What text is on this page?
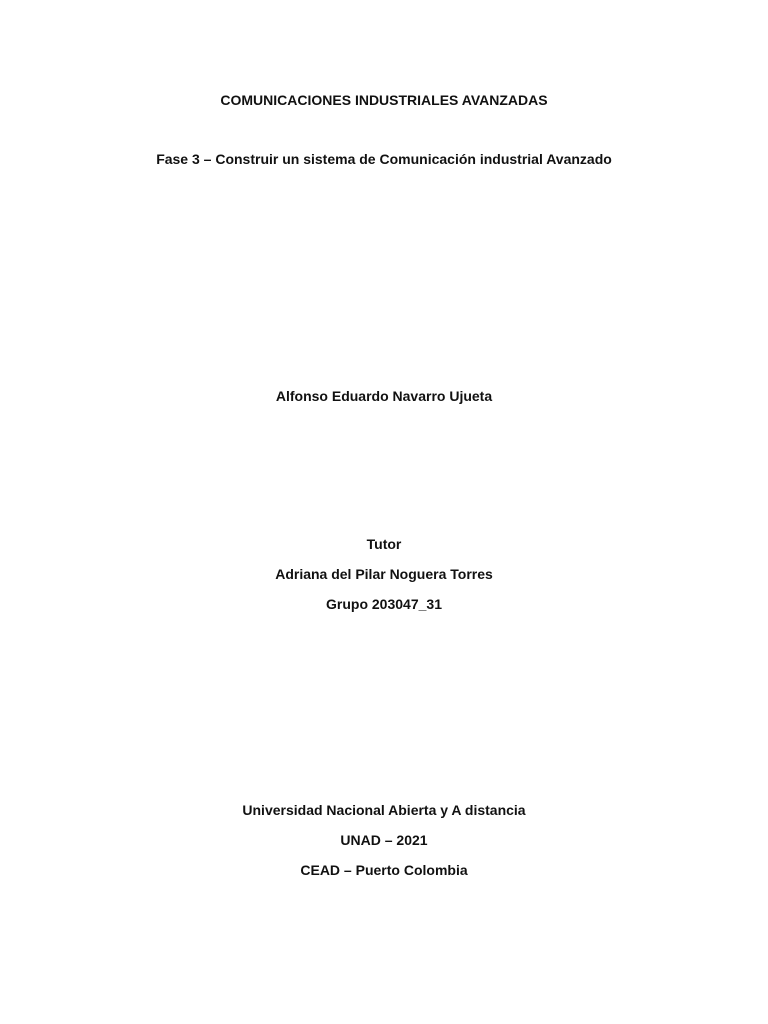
COMUNICACIONES INDUSTRIALES AVANZADAS
Fase 3 – Construir un sistema de Comunicación industrial Avanzado
Alfonso Eduardo Navarro Ujueta
Tutor
Adriana del Pilar Noguera Torres
Grupo 203047_31
Universidad Nacional Abierta y A distancia
UNAD – 2021
CEAD – Puerto Colombia
